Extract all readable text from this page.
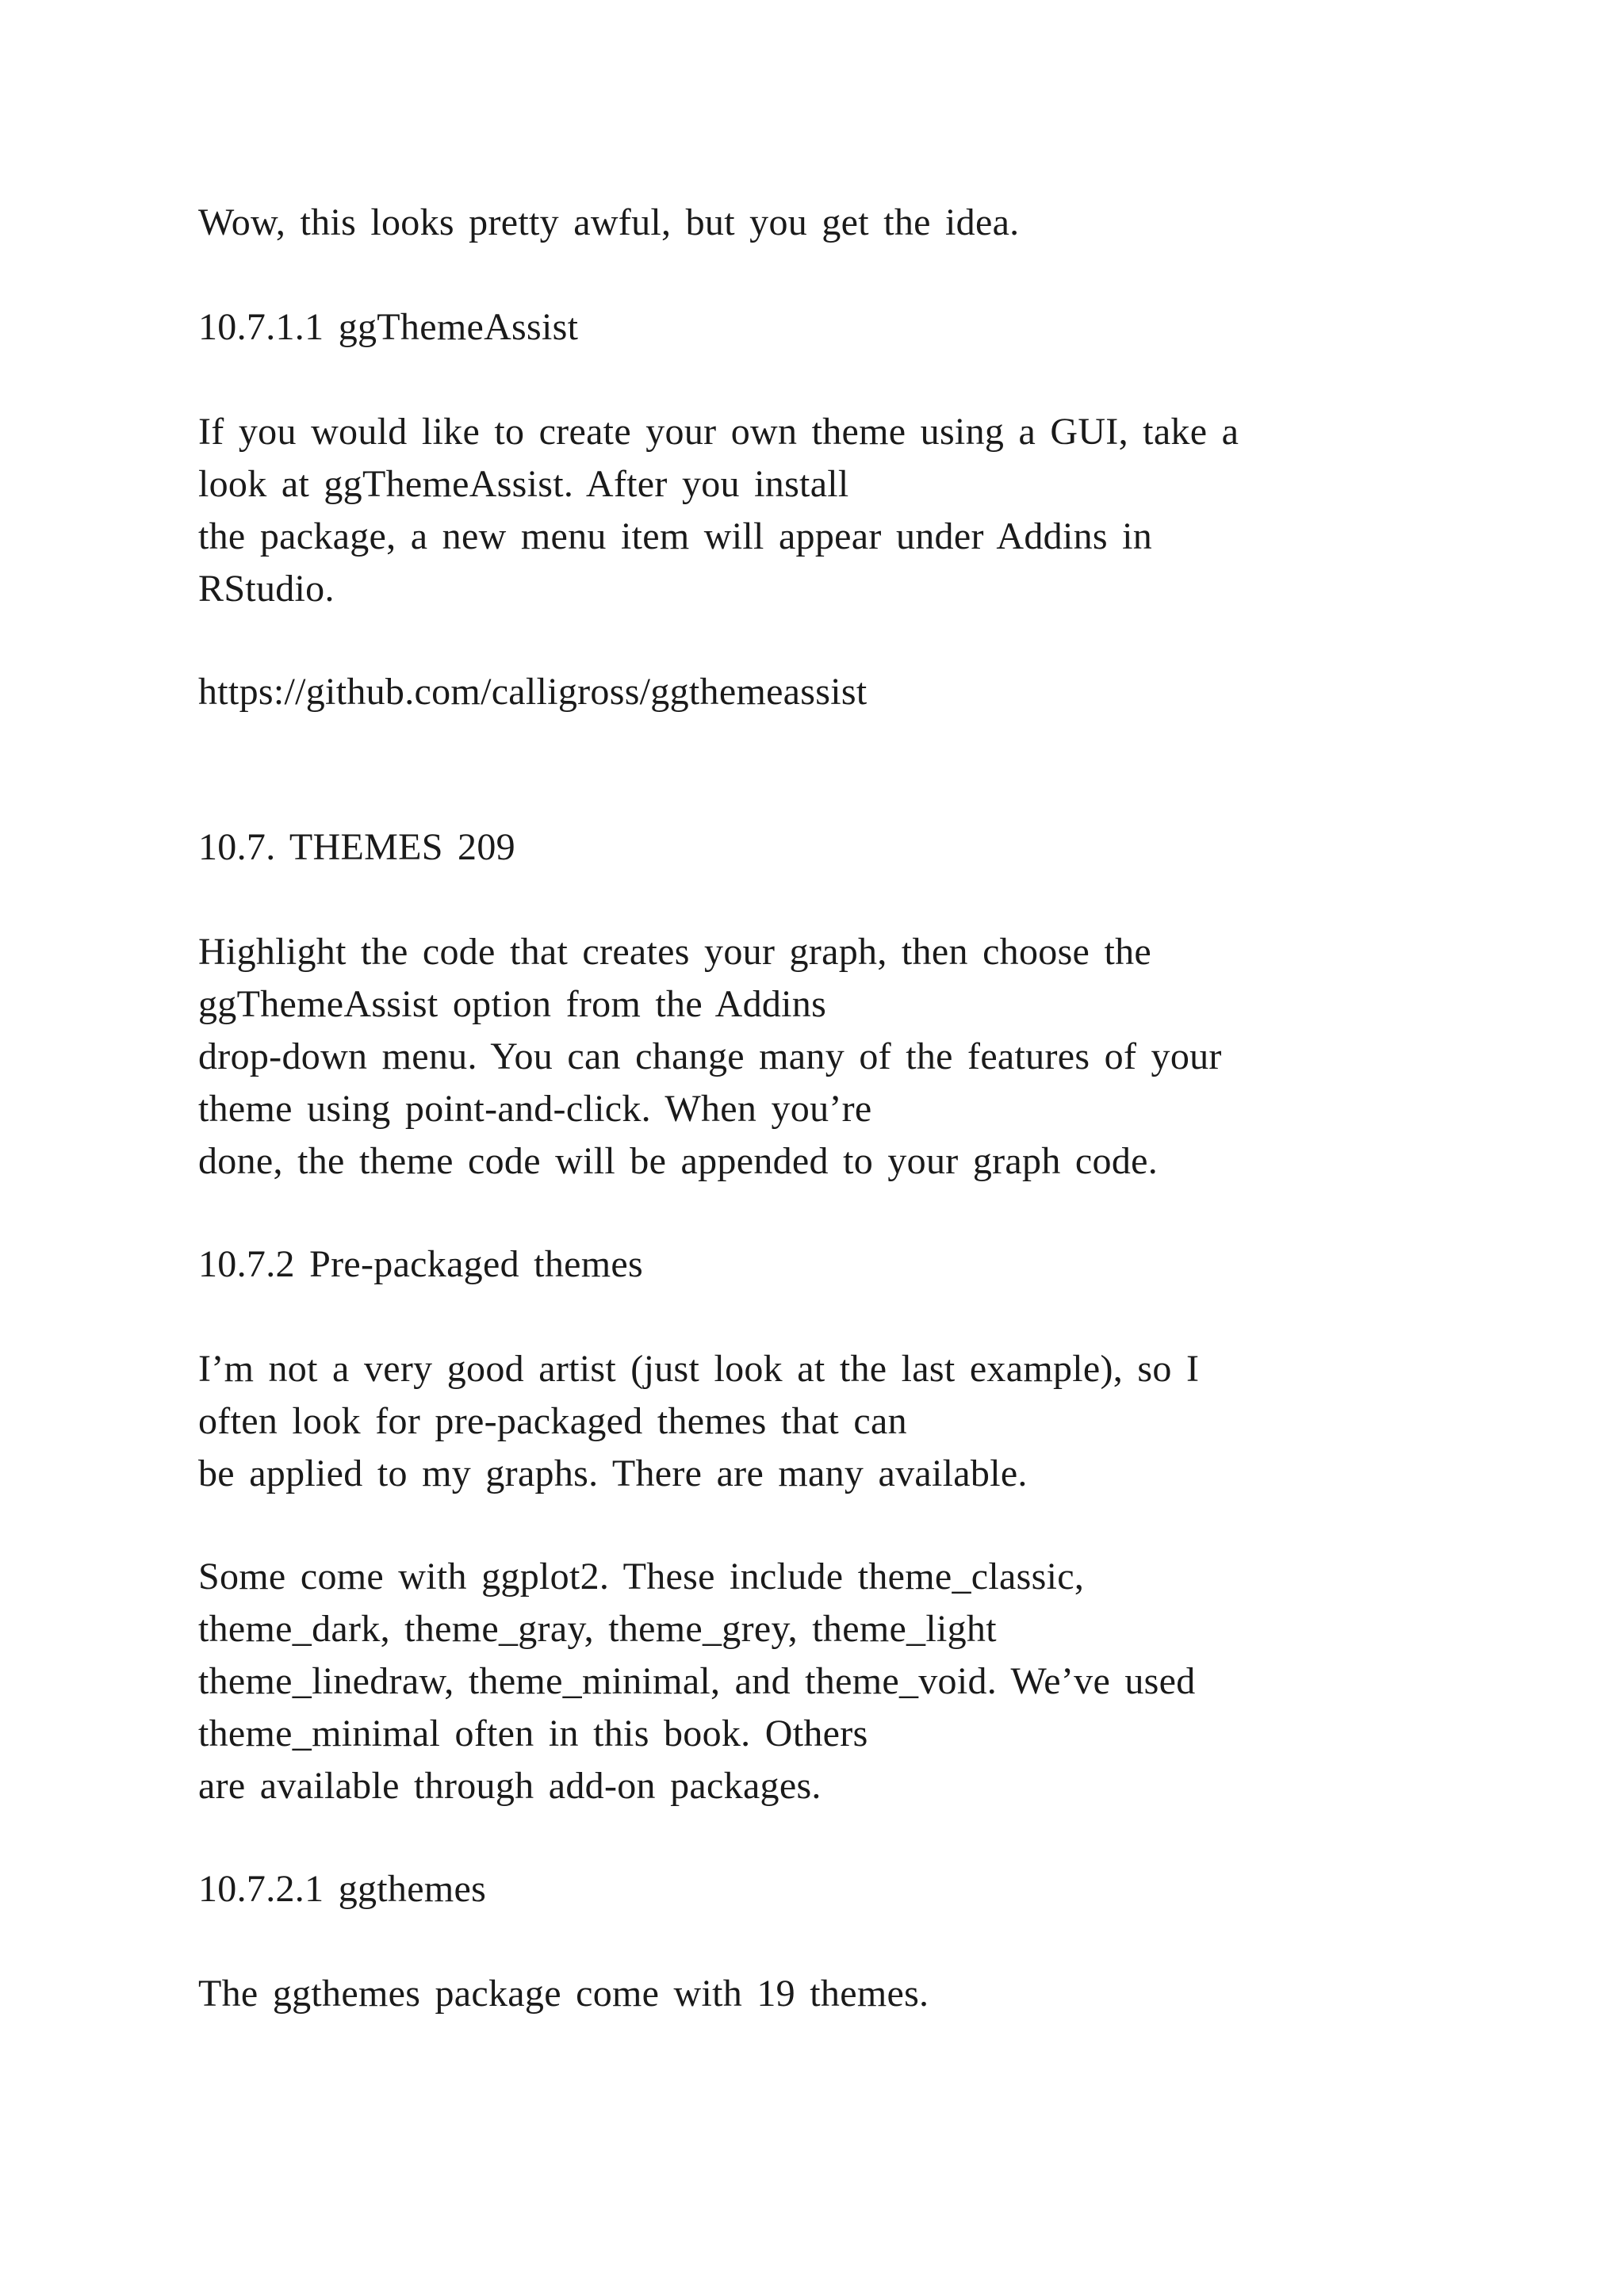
Wow, this looks pretty awful, but you get the idea.
10.7.1.1 ggThemeAssist
If you would like to create your own theme using a GUI, take a
look at ggThemeAssist. After you install
the package, a new menu item will appear under Addins in
RStudio.
https://github.com/calligross/ggthemeassist
10.7. THEMES 209
Highlight the code that creates your graph, then choose the
ggThemeAssist option from the Addins
drop-down menu. You can change many of the features of your
theme using point-and-click. When you’re
done, the theme code will be appended to your graph code.
10.7.2 Pre-packaged themes
I’m not a very good artist (just look at the last example), so I
often look for pre-packaged themes that can
be applied to my graphs. There are many available.
Some come with ggplot2. These include theme_classic,
theme_dark, theme_gray, theme_grey, theme_light
theme_linedraw, theme_minimal, and theme_void. We’ve used
theme_minimal often in this book. Others
are available through add-on packages.
10.7.2.1 ggthemes
The ggthemes package come with 19 themes.
